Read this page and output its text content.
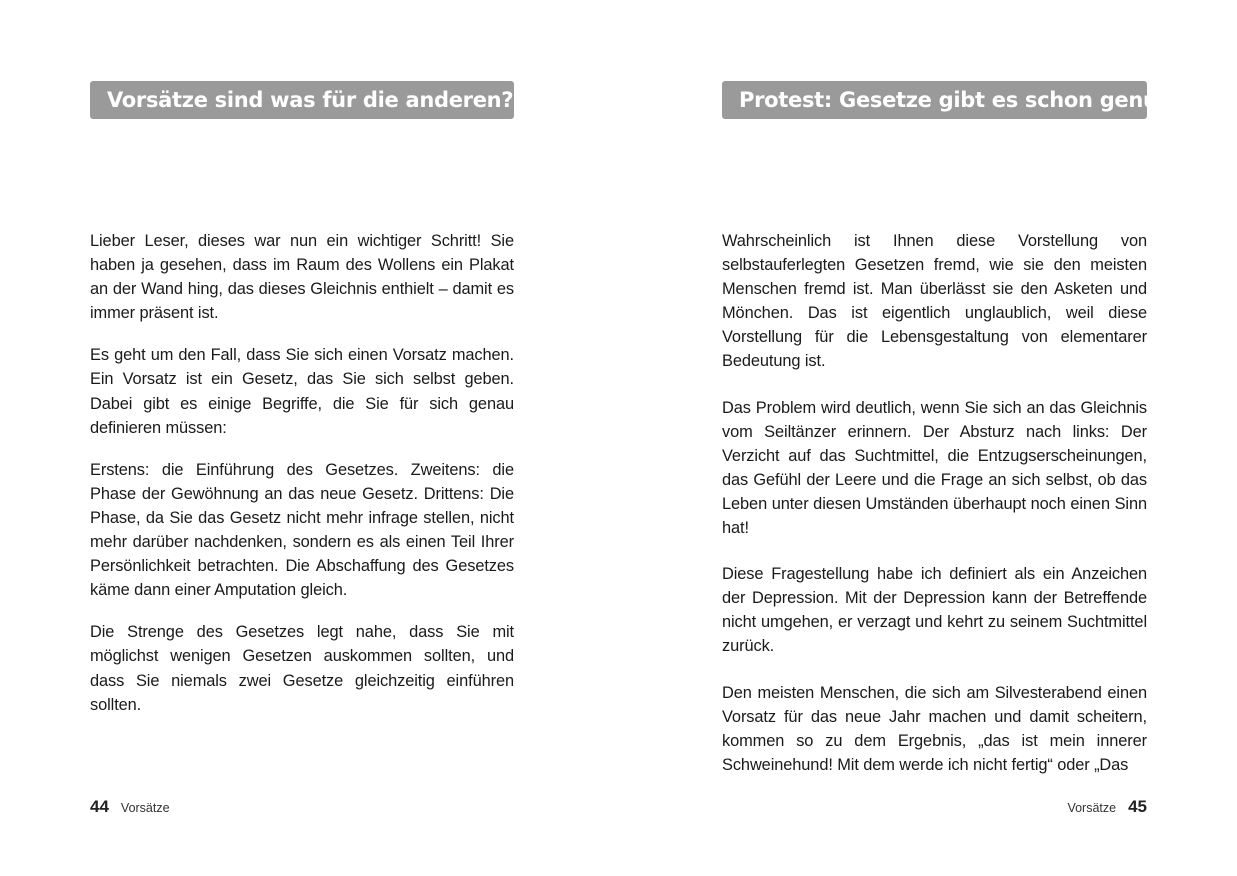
Vorsätze sind was für die anderen?

Lieber Leser, dieses war nun ein wichtiger Schritt! Sie haben ja gesehen, dass im Raum des Wollens ein Plakat an der Wand hing, das dieses Gleichnis enthielt – damit es immer präsent ist.

Es geht um den Fall, dass Sie sich einen Vorsatz machen. Ein Vorsatz ist ein Gesetz, das Sie sich selbst geben. Dabei gibt es einige Begriffe, die Sie für sich genau definieren müssen:

Erstens: die Einführung des Gesetzes. Zweitens: die Phase der Gewöhnung an das neue Gesetz. Drittens: Die Phase, da Sie das Gesetz nicht mehr infrage stellen, nicht mehr darüber nachdenken, sondern es als einen Teil Ihrer Persönlichkeit betrachten. Die Abschaffung des Gesetzes käme dann einer Amputation gleich.

Die Strenge des Gesetzes legt nahe, dass Sie mit möglichst wenigen Gesetzen auskommen sollten, und dass Sie niemals zwei Gesetze gleichzeitig einführen sollten.

44 Vorsätze
Protest: Gesetze gibt es schon genug!

Wahrscheinlich ist Ihnen diese Vorstellung von selbstauferlegten Gesetzen fremd, wie sie den meisten Menschen fremd ist. Man überlässt sie den Asketen und Mönchen. Das ist eigentlich unglaublich, weil diese Vorstellung für die Lebensgestaltung von elementarer Bedeutung ist.

Das Problem wird deutlich, wenn Sie sich an das Gleichnis vom Seiltänzer erinnern. Der Absturz nach links: Der Verzicht auf das Suchtmittel, die Entzugserscheinungen, das Gefühl der Leere und die Frage an sich selbst, ob das Leben unter diesen Umständen überhaupt noch einen Sinn hat!

Diese Fragestellung habe ich definiert als ein Anzeichen der Depression. Mit der Depression kann der Betreffende nicht umgehen, er verzagt und kehrt zu seinem Suchtmittel zurück.

Den meisten Menschen, die sich am Silvesterabend einen Vorsatz für das neue Jahr machen und damit scheitern, kommen so zu dem Ergebnis, „das ist mein innerer Schweinehund! Mit dem werde ich nicht fertig“ oder „Das

Vorsätze 45
